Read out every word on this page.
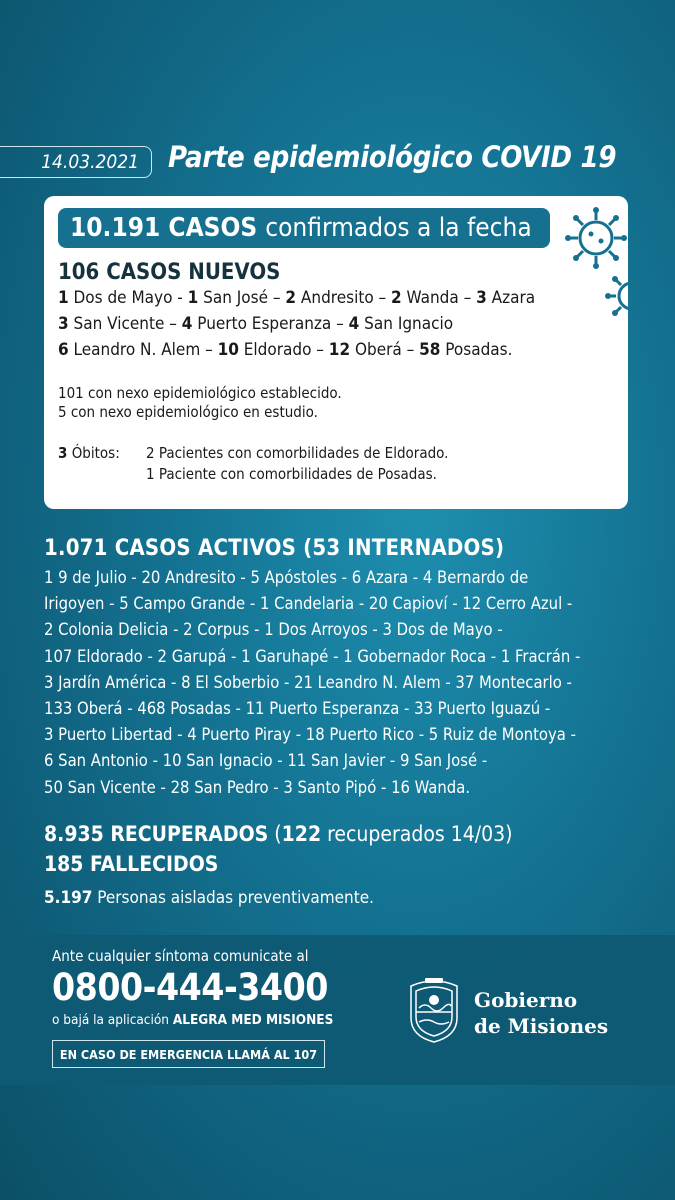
14.03.2021 Parte epidemiológico COVID 19
10.191 CASOS confirmados a la fecha
106 CASOS NUEVOS
1 Dos de Mayo - 1 San José – 2 Andresito – 2 Wanda – 3 Azara
3 San Vicente – 4 Puerto Esperanza – 4 San Ignacio
6 Leandro N. Alem – 10 Eldorado – 12 Oberá – 58 Posadas.
101 con nexo epidemiológico establecido.
5 con nexo epidemiológico en estudio.
3 Óbitos: 2 Pacientes con comorbilidades de Eldorado.
1 Paciente con comorbilidades de Posadas.
1.071 CASOS ACTIVOS (53 INTERNADOS)
1 9 de Julio - 20 Andresito - 5 Apóstoles - 6 Azara - 4 Bernardo de
Irigoyen - 5 Campo Grande - 1 Candelaria - 20 Capioví - 12 Cerro Azul -
2 Colonia Delicia - 2 Corpus - 1 Dos Arroyos - 3 Dos de Mayo -
107 Eldorado - 2 Garupá - 1 Garuhapé - 1 Gobernador Roca - 1 Fracrán -
3 Jardín América - 8 El Soberbio - 21 Leandro N. Alem - 37 Montecarlo -
133 Oberá - 468 Posadas - 11 Puerto Esperanza - 33 Puerto Iguazú -
3 Puerto Libertad - 4 Puerto Piray - 18 Puerto Rico - 5 Ruiz de Montoya -
6 San Antonio - 10 San Ignacio - 11 San Javier - 9 San José -
50 San Vicente - 28 San Pedro - 3 Santo Pipó - 16 Wanda.
8.935 RECUPERADOS (122 recuperados 14/03)
185 FALLECIDOS
5.197 Personas aisladas preventivamente.
Ante cualquier síntoma comunicate al
0800-444-3400
o bajá la aplicación ALEGRA MED MISIONES
EN CASO DE EMERGENCIA LLAMÁ AL 107
Gobierno
de Misiones
